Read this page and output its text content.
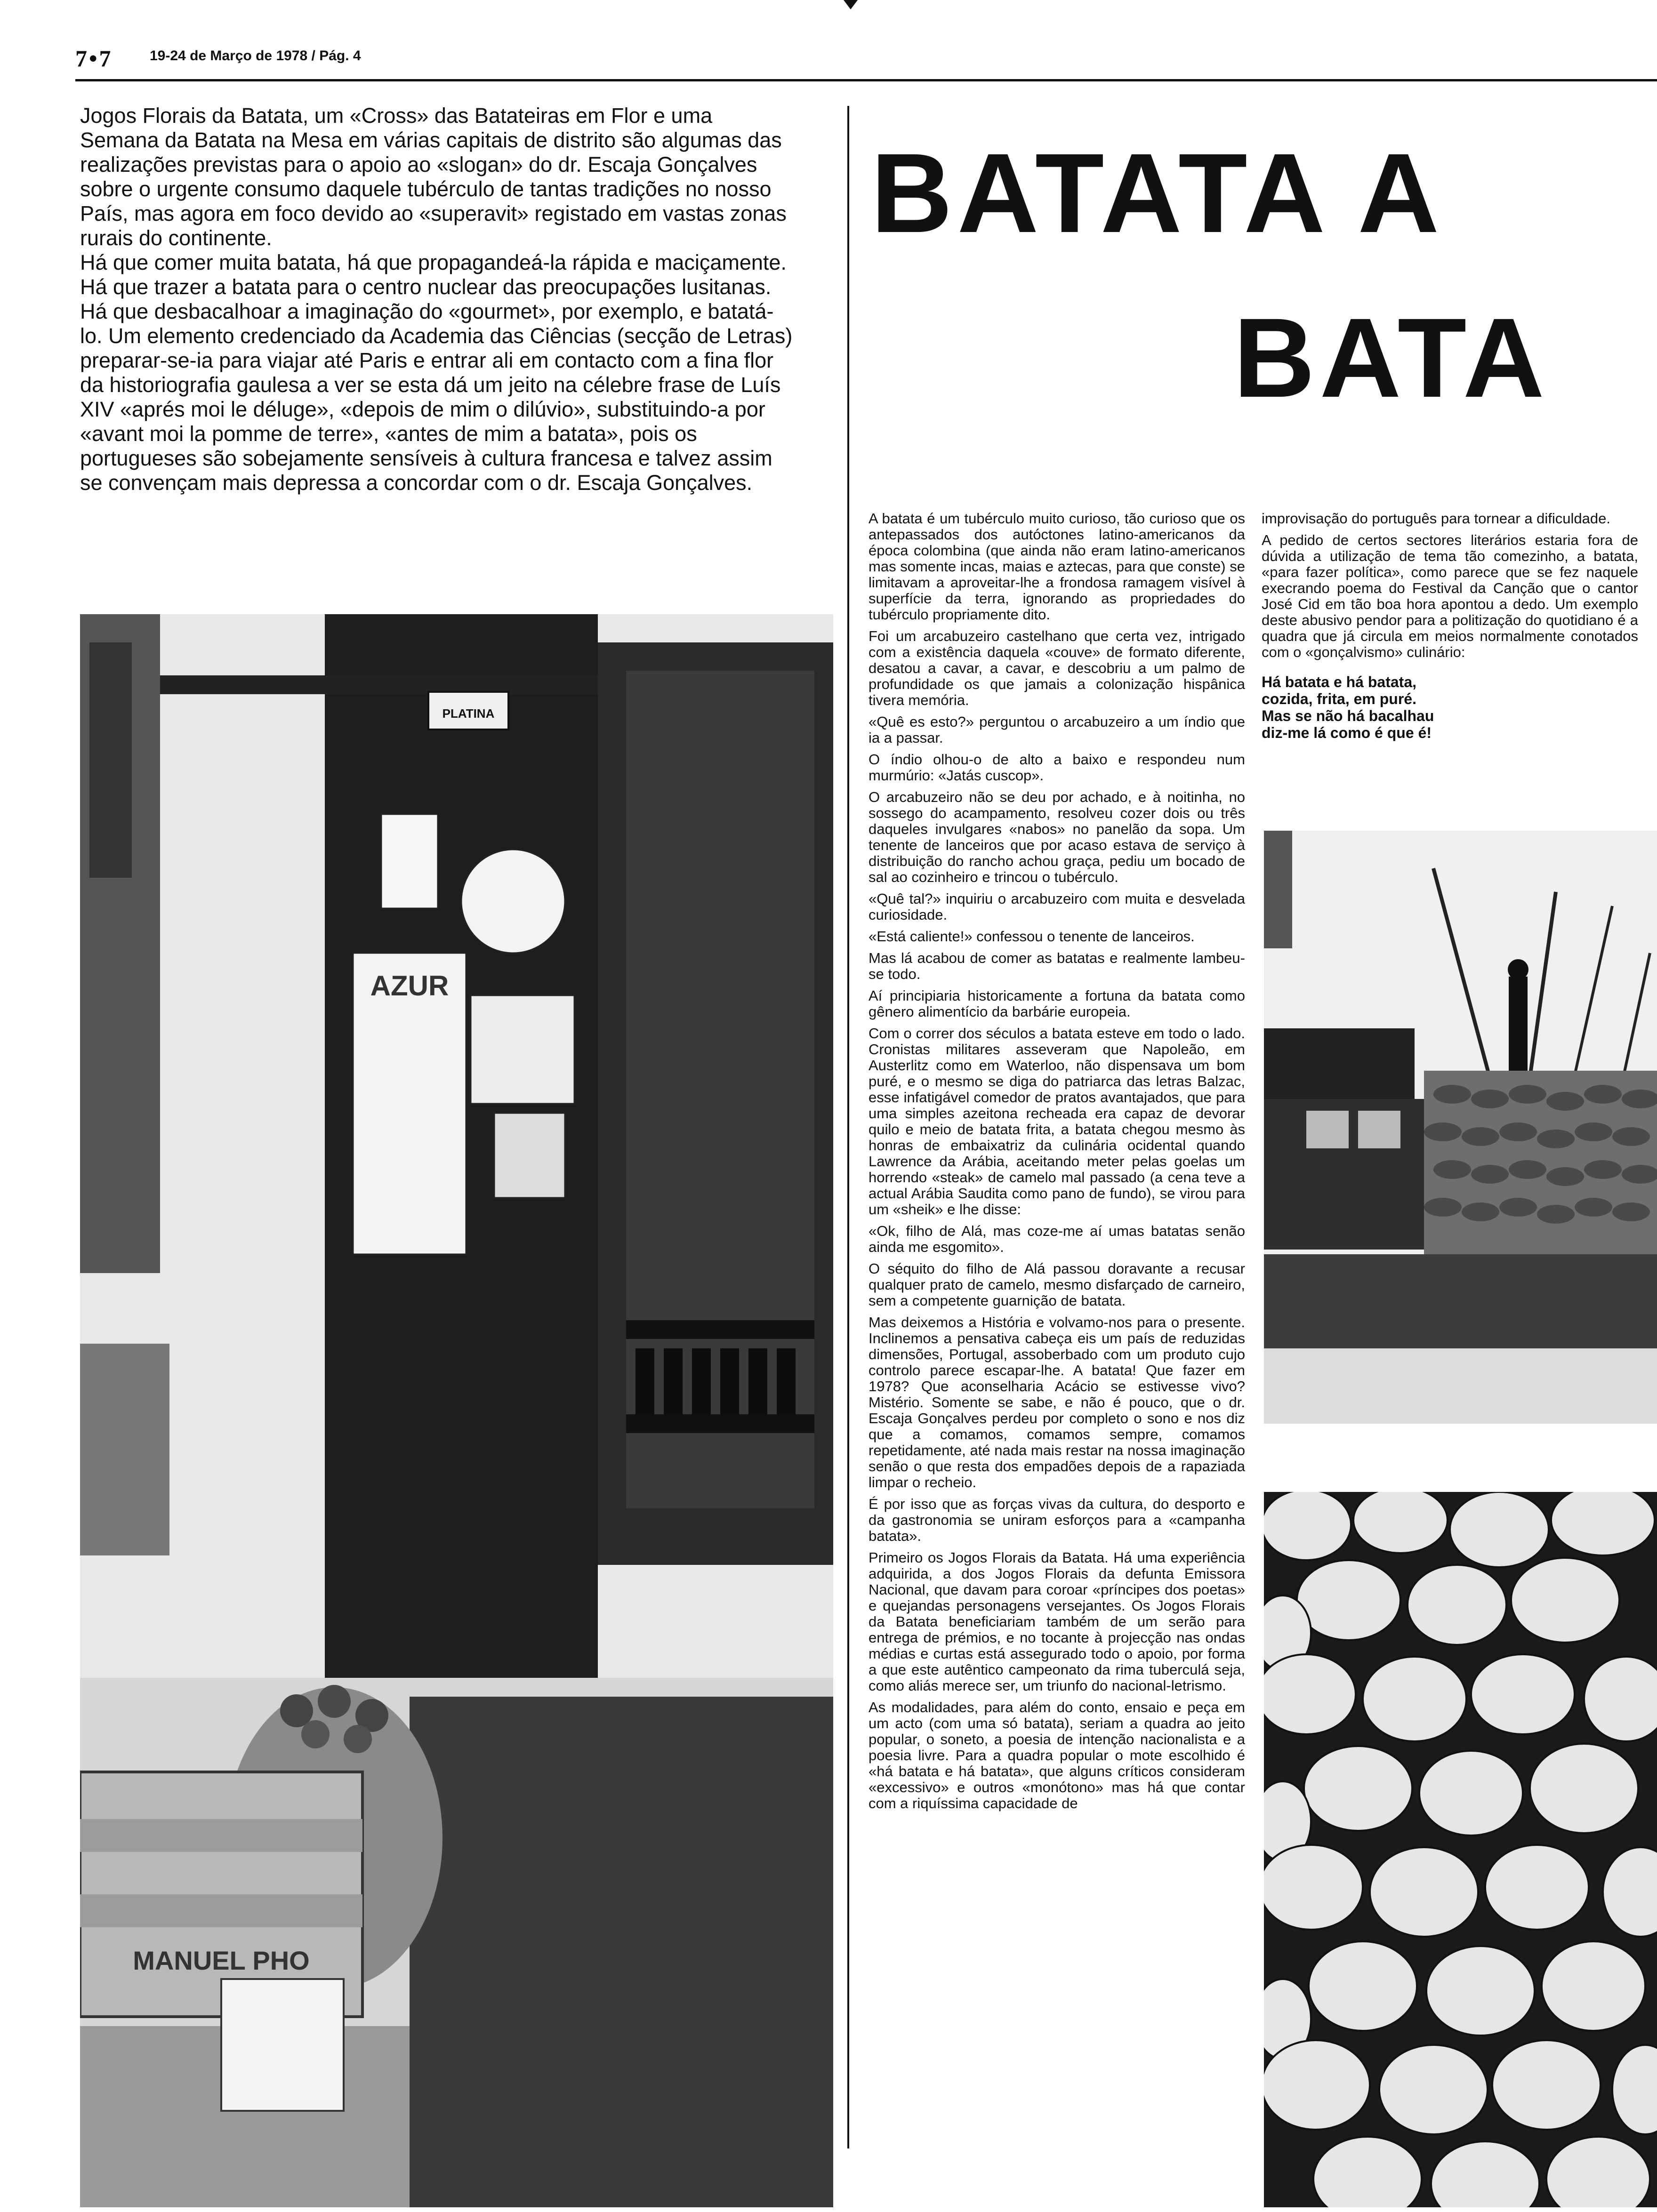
7•7	19-24 de Março de 1978 / Pág. 4

Jogos Florais da Batata, um «Cross» das Batateiras em Flor e uma Semana da Batata na Mesa em várias capitais de distrito são algumas das realizações previstas para o apoio ao «slogan» do dr. Escaja Gonçalves sobre o urgente consumo daquele tubérculo de tantas tradições no nosso País, mas agora em foco devido ao «superavit» registado em vastas zonas rurais do continente.

Há que comer muita batata, há que propagandeá-la rápida e maciçamente. Há que trazer a batata para o centro nuclear das preocupações lusitanas. Há que desbacalhoar a imaginação do «gourmet», por exemplo, e batatá-lo. Um elemento credenciado da Academia das Ciências (secção de Letras) preparar-se-ia para viajar até Paris e entrar ali em contacto com a fina flor da historiografia gaulesa a ver se esta dá um jeito na célebre frase de Luís XIV «aprés moi le déluge», «depois de mim o dilúvio», substituindo-a por «avant moi la pomme de terre», «antes de mim a batata», pois os portugueses são sobejamente sensíveis à cultura francesa e talvez assim se convençam mais depressa a concordar com o dr. Escaja Gonçalves.

BATATA A
BATA
PLATINA
AZUR
MANUEL PHO

A batata é um tubérculo muito curioso, tão curioso que os antepassados dos autóctones latino-americanos da época colombina (que ainda não eram latino-americanos mas somente incas, maias e aztecas, para que conste) se limitavam a aproveitar-lhe a frondosa ramagem visível à superfície da terra, ignorando as propriedades do tubérculo propriamente dito.

Foi um arcabuzeiro castelhano que certa vez, intrigado com a existência daquela «couve» de formato diferente, desatou a cavar, a cavar, e descobriu a um palmo de profundidade os que jamais a colonização hispânica tivera memória.

«Quê es esto?» perguntou o arcabuzeiro a um índio que ia a passar.

O índio olhou-o de alto a baixo e respondeu num murmúrio: «Jatás cuscop».

O arcabuzeiro não se deu por achado, e à noitinha, no sossego do acampamento, resolveu cozer dois ou três daqueles invulgares «nabos» no panelão da sopa. Um tenente de lanceiros que por acaso estava de serviço à distribuição do rancho achou graça, pediu um bocado de sal ao cozinheiro e trincou o tubérculo.

«Quê tal?» inquiriu o arcabuzeiro com muita e desvelada curiosidade.

«Está caliente!» confessou o tenente de lanceiros.

Mas lá acabou de comer as batatas e realmente lambeu-se todo.

Aí principiaria historicamente a fortuna da batata como gênero alimentício da barbárie europeia.

Com o correr dos séculos a batata esteve em todo o lado. Cronistas militares asseveram que Napoleão, em Austerlitz como em Waterloo, não dispensava um bom puré, e o mesmo se diga do patriarca das letras Balzac, esse infatigável comedor de pratos avantajados, que para uma simples azeitona recheada era capaz de devorar quilo e meio de batata frita, a batata chegou mesmo às honras de embaixatriz da culinária ocidental quando Lawrence da Arábia, aceitando meter pelas goelas um horrendo «steak» de camelo mal passado (a cena teve a actual Arábia Saudita como pano de fundo), se virou para um «sheik» e lhe disse:

«Ok, filho de Alá, mas coze-me aí umas batatas senão ainda me esgomito».

O séquito do filho de Alá passou doravante a recusar qualquer prato de camelo, mesmo disfarçado de carneiro, sem a competente guarnição de batata.

Mas deixemos a História e volvamo-nos para o presente. Inclinemos a pensativa cabeça eis um país de reduzidas dimensões, Portugal, assoberbado com um produto cujo controlo parece escapar-lhe. A batata! Que fazer em 1978? Que aconselharia Acácio se estivesse vivo? Mistério. Somente se sabe, e não é pouco, que o dr. Escaja Gonçalves perdeu por completo o sono e nos diz que a comamos, comamos sempre, comamos repetidamente, até nada mais restar na nossa imaginação senão o que resta dos empadões depois de a rapaziada limpar o recheio.

É por isso que as forças vivas da cultura, do desporto e da gastronomia se uniram esforços para a «campanha batata».

Primeiro os Jogos Florais da Batata. Há uma experiência adquirida, a dos Jogos Florais da defunta Emissora Nacional, que davam para coroar «príncipes dos poetas» e quejandas personagens versejantes. Os Jogos Florais da Batata beneficiariam também de um serão para entrega de prémios, e no tocante à projecção nas ondas médias e curtas está assegurado todo o apoio, por forma a que este autêntico campeonato da rima tuberculá seja, como aliás merece ser, um triunfo do nacional-letrismo.

As modalidades, para além do conto, ensaio e peça em um acto (com uma só batata), seriam a quadra ao jeito popular, o soneto, a poesia de intenção nacionalista e a poesia livre. Para a quadra popular o mote escolhido é «há batata e há batata», que alguns críticos consideram «excessivo» e outros «monótono» mas há que contar com a riquíssima capacidade de

improvisação do português para tornear a dificuldade.

A pedido de certos sectores literários estaria fora de dúvida a utilização de tema tão comezinho, a batata, «para fazer política», como parece que se fez naquele execrando poema do Festival da Canção que o cantor José Cid em tão boa hora apontou a dedo. Um exemplo deste abusivo pendor para a politização do quotidiano é a quadra que já circula em meios normalmente conotados com o «gonçalvismo» culinário:

Há batata e há batata,
cozida, frita, em puré.
Mas se não há bacalhau
diz-me lá como é que é!
